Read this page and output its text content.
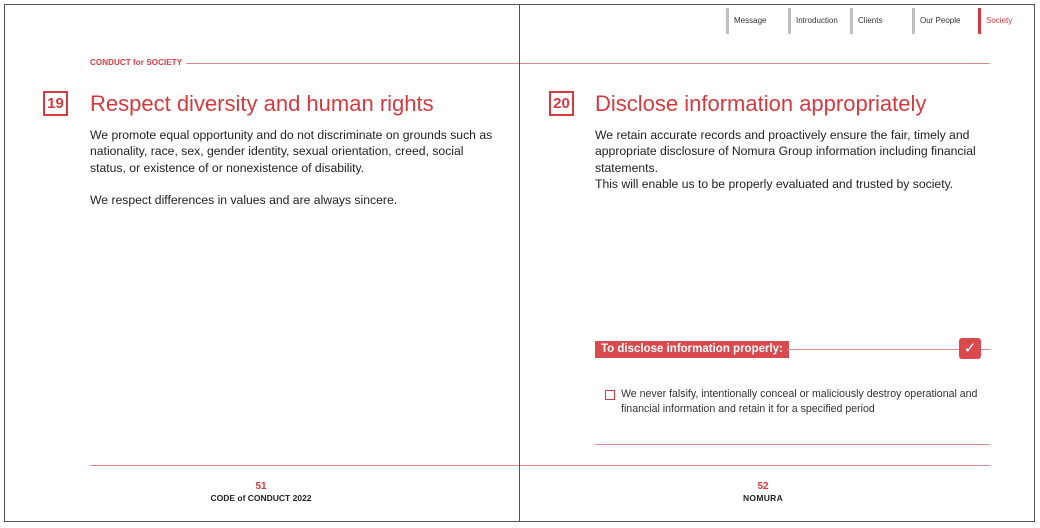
Message	Introduction	Clients	Our People	Society
CONDUCT for SOCIETY
19 Respect diversity and human rights
We promote equal opportunity and do not discriminate on grounds such as nationality, race, sex, gender identity, sexual orientation, creed, social status, or existence of or nonexistence of disability.
We respect differences in values and are always sincere.
20 Disclose information appropriately
We retain accurate records and proactively ensure the fair, timely and appropriate disclosure of Nomura Group information including financial statements.
This will enable us to be properly evaluated and trusted by society.
To disclose information properly:	✓
We never falsify, intentionally conceal or maliciously destroy operational and financial information and retain it for a specified period
51
CODE of CONDUCT 2022
52
NOMURA
